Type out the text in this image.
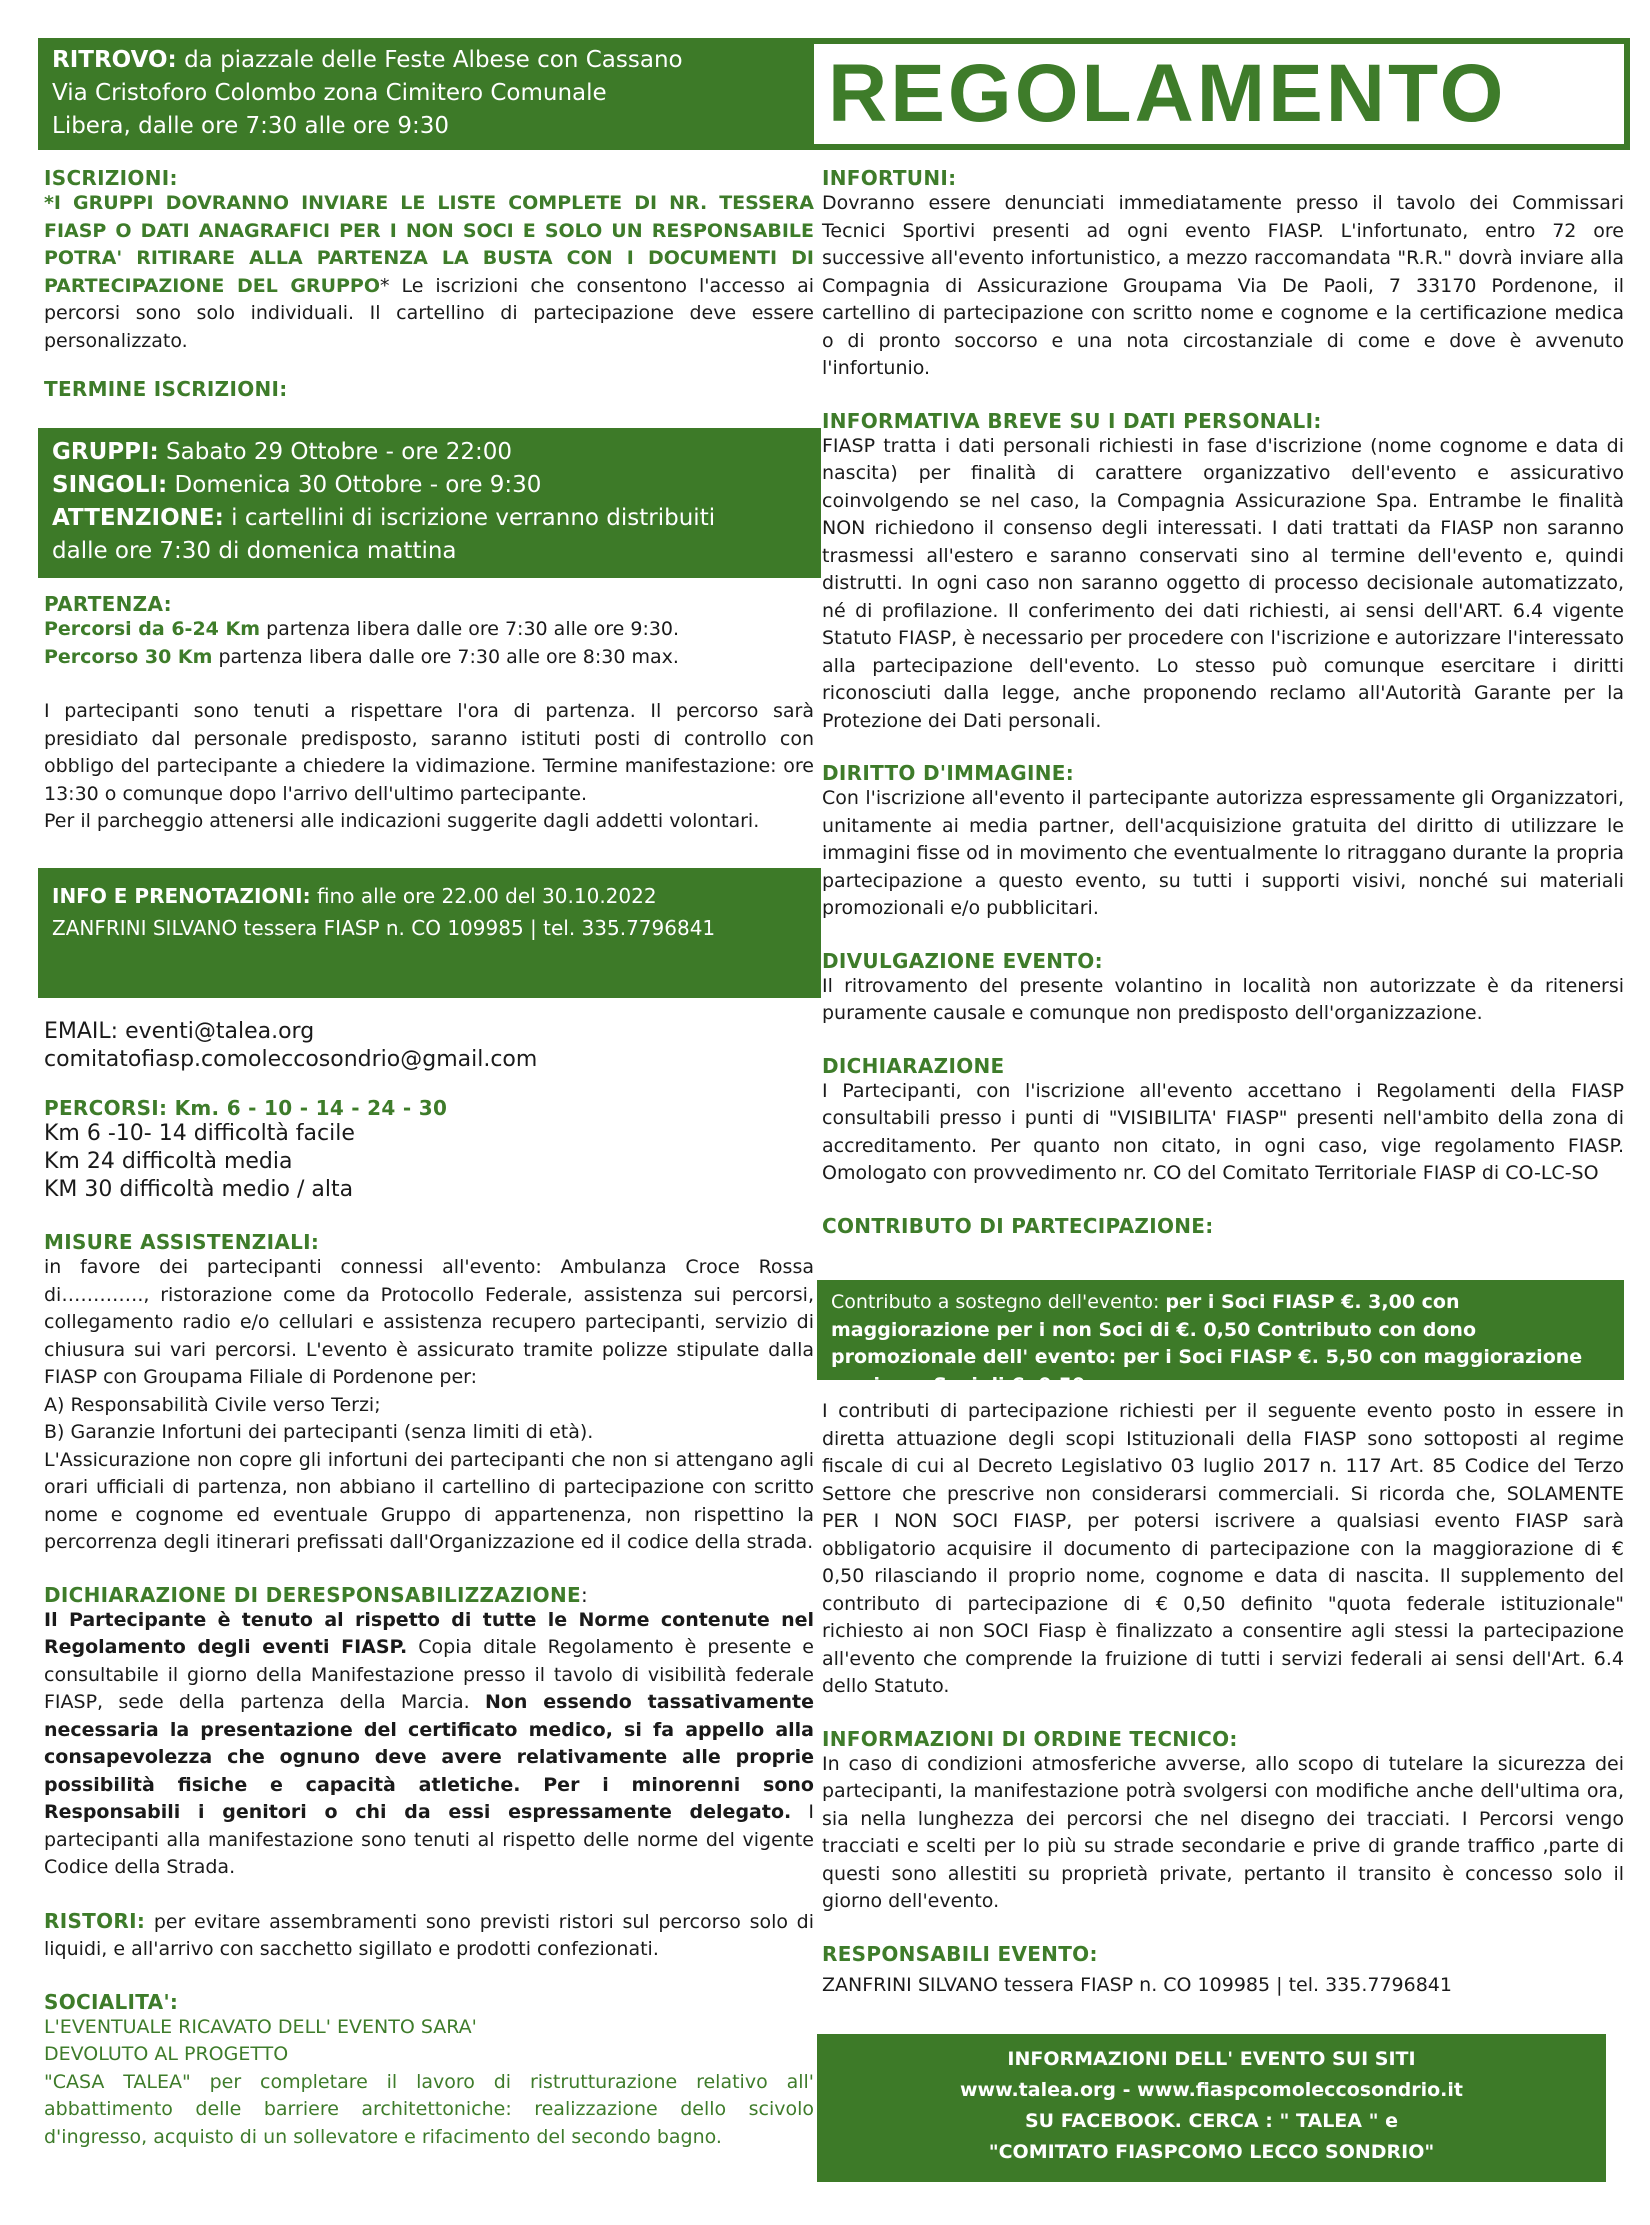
RITROVO: da piazzale delle Feste Albese con Cassano
Via Cristoforo Colombo zona Cimitero Comunale
Libera, dalle ore 7:30 alle ore 9:30	REGOLAMENTO
ISCRIZIONI:
*I GRUPPI DOVRANNO INVIARE LE LISTE COMPLETE DI NR. TESSERA FIASP O DATI ANAGRAFICI PER I NON SOCI E SOLO UN RESPONSABILE POTRA' RITIRARE ALLA PARTENZA LA BUSTA CON I DOCUMENTI DI PARTECIPAZIONE DEL GRUPPO* Le iscrizioni che consentono l'accesso ai percorsi sono solo individuali. Il cartellino di partecipazione deve essere personalizzato.
TERMINE ISCRIZIONI:
GRUPPI: Sabato 29 Ottobre - ore 22:00
SINGOLI: Domenica 30 Ottobre - ore 9:30
ATTENZIONE: i cartellini di iscrizione verranno distribuiti
dalle ore 7:30 di domenica mattina
PARTENZA:
Percorsi da 6-24 Km partenza libera dalle ore 7:30 alle ore 9:30.
Percorso 30 Km partenza libera dalle ore 7:30 alle ore 8:30 max.
I partecipanti sono tenuti a rispettare l'ora di partenza. Il percorso sarà presidiato dal personale predisposto, saranno istituti posti di controllo con obbligo del partecipante a chiedere la vidimazione. Termine manifestazione: ore 13:30 o comunque dopo l'arrivo dell'ultimo partecipante.
Per il parcheggio attenersi alle indicazioni suggerite dagli addetti volontari.
INFO E PRENOTAZIONI: fino alle ore 22.00 del 30.10.2022
ZANFRINI SILVANO tessera FIASP n. CO 109985 | tel. 335.7796841
EMAIL: eventi@talea.org
comitatofiasp.comoleccosondrio@gmail.com
PERCORSI: Km. 6 - 10 - 14 - 24 - 30
Km 6 -10- 14 difficoltà facile
Km 24 difficoltà media
KM 30 difficoltà medio / alta
MISURE ASSISTENZIALI:
in favore dei partecipanti connessi all'evento: Ambulanza Croce Rossa di…………., ristorazione come da Protocollo Federale, assistenza sui percorsi, collegamento radio e/o cellulari e assistenza recupero partecipanti, servizio di chiusura sui vari percorsi. L'evento è assicurato tramite polizze stipulate dalla FIASP con Groupama Filiale di Pordenone per:
A) Responsabilità Civile verso Terzi;
B) Garanzie Infortuni dei partecipanti (senza limiti di età).
L'Assicurazione non copre gli infortuni dei partecipanti che non si attengano agli orari ufficiali di partenza, non abbiano il cartellino di partecipazione con scritto nome e cognome ed eventuale Gruppo di appartenenza, non rispettino la percorrenza degli itinerari prefissati dall'Organizzazione ed il codice della strada.
DICHIARAZIONE DI DERESPONSABILIZZAZIONE:
Il Partecipante è tenuto al rispetto di tutte le Norme contenute nel Regolamento degli eventi FIASP. Copia ditale Regolamento è presente e consultabile il giorno della Manifestazione presso il tavolo di visibilità federale FIASP, sede della partenza della Marcia. Non essendo tassativamente necessaria la presentazione del certificato medico, si fa appello alla consapevolezza che ognuno deve avere relativamente alle proprie possibilità fisiche e capacità atletiche. Per i minorenni sono Responsabili i genitori o chi da essi espressamente delegato. I partecipanti alla manifestazione sono tenuti al rispetto delle norme del vigente Codice della Strada.
RISTORI: per evitare assembramenti sono previsti ristori sul percorso solo di liquidi, e all'arrivo con sacchetto sigillato e prodotti confezionati.
SOCIALITA':
L'EVENTUALE RICAVATO DELL' EVENTO SARA'
DEVOLUTO AL PROGETTO
"CASA TALEA" per completare il lavoro di ristrutturazione relativo all' abbattimento delle barriere architettoniche: realizzazione dello scivolo d'ingresso, acquisto di un sollevatore e rifacimento del secondo bagno.
INFORTUNI:
Dovranno essere denunciati immediatamente presso il tavolo dei Commissari Tecnici Sportivi presenti ad ogni evento FIASP. L'infortunato, entro 72 ore successive all'evento infortunistico, a mezzo raccomandata "R.R." dovrà inviare alla Compagnia di Assicurazione Groupama Via De Paoli, 7 33170 Pordenone, il cartellino di partecipazione con scritto nome e cognome e la certificazione medica o di pronto soccorso e una nota circostanziale di come e dove è avvenuto l'infortunio.
INFORMATIVA BREVE SU I DATI PERSONALI:
FIASP tratta i dati personali richiesti in fase d'iscrizione (nome cognome e data di nascita) per finalità di carattere organizzativo dell'evento e assicurativo coinvolgendo se nel caso, la Compagnia Assicurazione Spa. Entrambe le finalità NON richiedono il consenso degli interessati. I dati trattati da FIASP non saranno trasmessi all'estero e saranno conservati sino al termine dell'evento e, quindi distrutti. In ogni caso non saranno oggetto di processo decisionale automatizzato, né di profilazione. Il conferimento dei dati richiesti, ai sensi dell'ART. 6.4 vigente Statuto FIASP, è necessario per procedere con l'iscrizione e autorizzare l'interessato alla partecipazione dell'evento. Lo stesso può comunque esercitare i diritti riconosciuti dalla legge, anche proponendo reclamo all'Autorità Garante per la Protezione dei Dati personali.
DIRITTO D'IMMAGINE:
Con l'iscrizione all'evento il partecipante autorizza espressamente gli Organizzatori, unitamente ai media partner, dell'acquisizione gratuita del diritto di utilizzare le immagini fisse od in movimento che eventualmente lo ritraggano durante la propria partecipazione a questo evento, su tutti i supporti visivi, nonché sui materiali promozionali e/o pubblicitari.
DIVULGAZIONE EVENTO:
Il ritrovamento del presente volantino in località non autorizzate è da ritenersi puramente causale e comunque non predisposto dell'organizzazione.
DICHIARAZIONE
I Partecipanti, con l'iscrizione all'evento accettano i Regolamenti della FIASP consultabili presso i punti di "VISIBILITA' FIASP" presenti nell'ambito della zona di accreditamento. Per quanto non citato, in ogni caso, vige regolamento FIASP. Omologato con provvedimento nr. CO del Comitato Territoriale FIASP di CO-LC-SO
CONTRIBUTO DI PARTECIPAZIONE:
Contributo a sostegno dell'evento: per i Soci FIASP €. 3,00 con maggiorazione per i non Soci di €. 0,50 Contributo con dono promozionale dell' evento: per i Soci FIASP €. 5,50 con maggiorazione per i non Soci di €. 0,50
I contributi di partecipazione richiesti per il seguente evento posto in essere in diretta attuazione degli scopi Istituzionali della FIASP sono sottoposti al regime fiscale di cui al Decreto Legislativo 03 luglio 2017 n. 117 Art. 85 Codice del Terzo Settore che prescrive non considerarsi commerciali. Si ricorda che, SOLAMENTE PER I NON SOCI FIASP, per potersi iscrivere a qualsiasi evento FIASP sarà obbligatorio acquisire il documento di partecipazione con la maggiorazione di € 0,50 rilasciando il proprio nome, cognome e data di nascita. Il supplemento del contributo di partecipazione di € 0,50 definito "quota federale istituzionale" richiesto ai non SOCI Fiasp è finalizzato a consentire agli stessi la partecipazione all'evento che comprende la fruizione di tutti i servizi federali ai sensi dell'Art. 6.4 dello Statuto.
INFORMAZIONI DI ORDINE TECNICO:
In caso di condizioni atmosferiche avverse, allo scopo di tutelare la sicurezza dei partecipanti, la manifestazione potrà svolgersi con modifiche anche dell'ultima ora, sia nella lunghezza dei percorsi che nel disegno dei tracciati. I Percorsi vengo tracciati e scelti per lo più su strade secondarie e prive di grande traffico ,parte di questi sono allestiti su proprietà private, pertanto il transito è concesso solo il giorno dell'evento.
RESPONSABILI EVENTO:
ZANFRINI SILVANO tessera FIASP n. CO 109985 | tel. 335.7796841
INFORMAZIONI DELL' EVENTO SUI SITI
www.talea.org - www.fiaspcomoleccosondrio.it
SU FACEBOOK. CERCA : " TALEA " e
"COMITATO FIASPCOMO LECCO SONDRIO"
